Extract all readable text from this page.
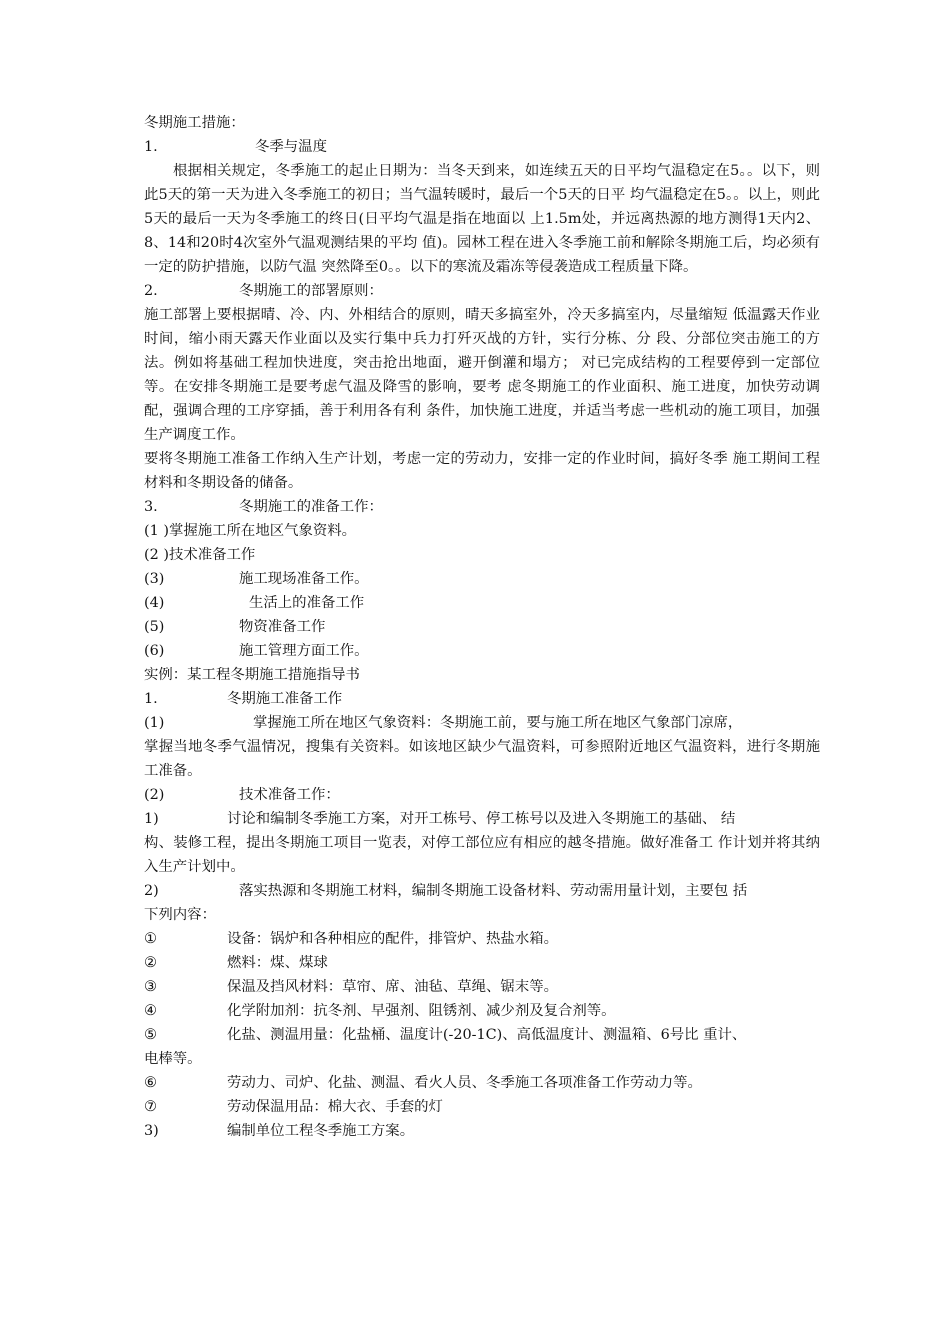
冬期施工措施：
1.	冬季与温度
根据相关规定，冬季施工的起止日期为：当冬天到来，如连续五天的日平均气温稳定在5。。以下，则此5天的第一天为进入冬季施工的初日；当气温转暖时，最后一个5天的日平 均气温稳定在5。。以上，则此5天的最后一天为冬季施工的终日(日平均气温是指在地面以 上1.5m处，并远离热源的地方测得1天内2、8、14和20时4次室外气温观测结果的平均 值)。园林工程在进入冬季施工前和解除冬期施工后，均必须有一定的防护措施，以防气温 突然降至0。。以下的寒流及霜冻等侵袭造成工程质量下降。
2.	冬期施工的部署原则：
施工部署上要根据晴、冷、内、外相结合的原则，晴天多搞室外，冷天多搞室内，尽量缩短 低温露天作业时间，缩小雨天露天作业面以及实行集中兵力打歼灭战的方针，实行分栋、分 段、分部位突击施工的方法。例如将基础工程加快进度，突击抢出地面，避开倒灌和塌方； 对已完成结构的工程要停到一定部位等。在安排冬期施工是要考虑气温及降雪的影响，要考 虑冬期施工的作业面积、施工进度，加快劳动调配，强调合理的工序穿插，善于利用各有利 条件，加快施工进度，并适当考虑一些机动的施工项目，加强生产调度工作。
要将冬期施工准备工作纳入生产计划，考虑一定的劳动力，安排一定的作业时间，搞好冬季 施工期间工程材料和冬期设备的储备。
3.	冬期施工的准备工作：
(1 )掌握施工所在地区气象资料。
(2 )技术准备工作
(3)	施工现场准备工作。
(4)	生活上的准备工作
(5)	物资准备工作
(6)	施工管理方面工作。
实例：某工程冬期施工措施指导书
1.	冬期施工准备工作
(1)	掌握施工所在地区气象资料：冬期施工前，要与施工所在地区气象部门凉席，
掌握当地冬季气温情况，搜集有关资料。如该地区缺少气温资料，可参照附近地区气温资料，进行冬期施工准备。
(2)	技术准备工作：
1)	讨论和编制冬季施工方案，对开工栋号、停工栋号以及进入冬期施工的基础、 结
构、装修工程，提出冬期施工项目一览表，对停工部位应有相应的越冬措施。做好准备工 作计划并将其纳入生产计划中。
2)	落实热源和冬期施工材料，编制冬期施工设备材料、劳动需用量计划，主要包 括
下列内容：
①	设备：锅炉和各种相应的配件，排管炉、热盐水箱。
②	燃料：煤、煤球
③	保温及挡风材料：草帘、席、油毡、草绳、锯末等。
④	化学附加剂：抗冬剂、早强剂、阻锈剂、减少剂及复合剂等。
⑤	化盐、测温用量：化盐桶、温度计(-20-1C)、高低温度计、测温箱、6号比 重计、
电棒等。
⑥	劳动力、司炉、化盐、测温、看火人员、冬季施工各项准备工作劳动力等。
⑦	劳动保温用品：棉大衣、手套的灯
3)	编制单位工程冬季施工方案。
